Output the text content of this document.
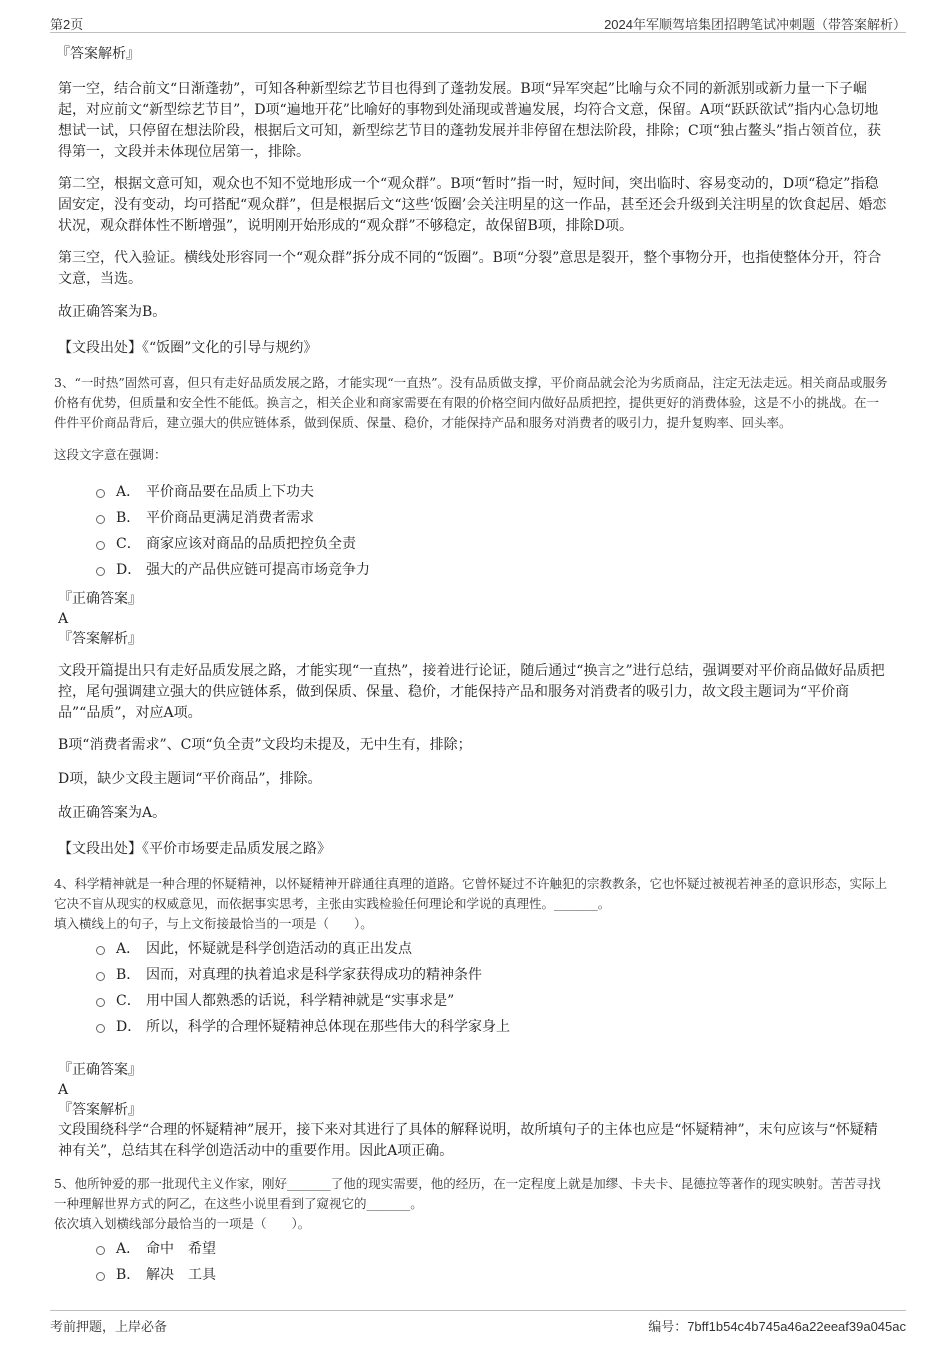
第2页	2024年军顺驾培集团招聘笔试冲刺题（带答案解析）
『答案解析』
第一空，结合前文“日渐蓬勃”，可知各种新型综艺节目也得到了蓬勃发展。B项“异军突起”比喻与众不同的新派别或新力量一下子崛起，对应前文“新型综艺节目”，D项“遍地开花”比喻好的事物到处涌现或普遍发展，均符合文意，保留。A项“跃跃欲试”指内心急切地想试一试，只停留在想法阶段，根据后文可知，新型综艺节目的蓬勃发展并非停留在想法阶段，排除；C项“独占鳌头”指占领首位，获得第一，文段并未体现位居第一，排除。
第二空，根据文意可知，观众也不知不觉地形成一个“观众群”。B项“暂时”指一时，短时间，突出临时、容易变动的，D项“稳定”指稳固安定，没有变动，均可搭配“观众群”，但是根据后文“这些‘饭圈’会关注明星的这一作品，甚至还会升级到关注明星的饮食起居、婚恋状况，观众群体性不断增强”，说明刚开始形成的“观众群”不够稳定，故保留B项，排除D项。
第三空，代入验证。横线处形容同一个“观众群”拆分成不同的“饭圈”。B项“分裂”意思是裂开，整个事物分开，也指使整体分开，符合文意，当选。
故正确答案为B。
【文段出处】《“饭圈”文化的引导与规约》
3、“一时热”固然可喜，但只有走好品质发展之路，才能实现“一直热”。没有品质做支撑，平价商品就会沦为劣质商品，注定无法走远。相关商品或服务价格有优势，但质量和安全性不能低。换言之，相关企业和商家需要在有限的价格空间内做好品质把控，提供更好的消费体验，这是不小的挑战。在一件件平价商品背后，建立强大的供应链体系，做到保质、保量、稳价，才能保持产品和服务对消费者的吸引力，提升复购率、回头率。
这段文字意在强调：
A． 平价商品要在品质上下功夫
B． 平价商品更满足消费者需求
C． 商家应该对商品的品质把控负全责
D． 强大的产品供应链可提高市场竞争力
『正确答案』
A
『答案解析』
文段开篇提出只有走好品质发展之路，才能实现“一直热”，接着进行论证，随后通过“换言之”进行总结，强调要对平价商品做好品质把控，尾句强调建立强大的供应链体系，做到保质、保量、稳价，才能保持产品和服务对消费者的吸引力，故文段主题词为“平价商品”“品质”，对应A项。
B项“消费者需求”、C项“负全责”文段均未提及，无中生有，排除；
D项，缺少文段主题词“平价商品”，排除。
故正确答案为A。
【文段出处】《平价市场要走品质发展之路》
4、科学精神就是一种合理的怀疑精神，以怀疑精神开辟通往真理的道路。它曾怀疑过不许触犯的宗教教条，它也怀疑过被视若神圣的意识形态，实际上它决不盲从现实的权威意见，而依据事实思考，主张由实践检验任何理论和学说的真理性。_______。
填入横线上的句子，与上文衔接最恰当的一项是（　　）。
A． 因此，怀疑就是科学创造活动的真正出发点
B． 因而，对真理的执着追求是科学家获得成功的精神条件
C． 用中国人都熟悉的话说，科学精神就是“实事求是”
D． 所以，科学的合理怀疑精神总体现在那些伟大的科学家身上
『正确答案』
A
『答案解析』
文段围绕科学“合理的怀疑精神”展开，接下来对其进行了具体的解释说明，故所填句子的主体也应是“怀疑精神”，末句应该与“怀疑精神有关”，总结其在科学创造活动中的重要作用。因此A项正确。
5、他所钟爱的那一批现代主义作家，刚好_______了他的现实需要，他的经历，在一定程度上就是加缪、卡夫卡、昆德拉等著作的现实映射。苦苦寻找一种理解世界方式的阿乙，在这些小说里看到了窥视它的_______。
依次填入划横线部分最恰当的一项是（　　）。
A． 命中　希望
B． 解决　工具
考前押题，上岸必备	编号：7bff1b54c4b745a46a22eeaf39a045ac
